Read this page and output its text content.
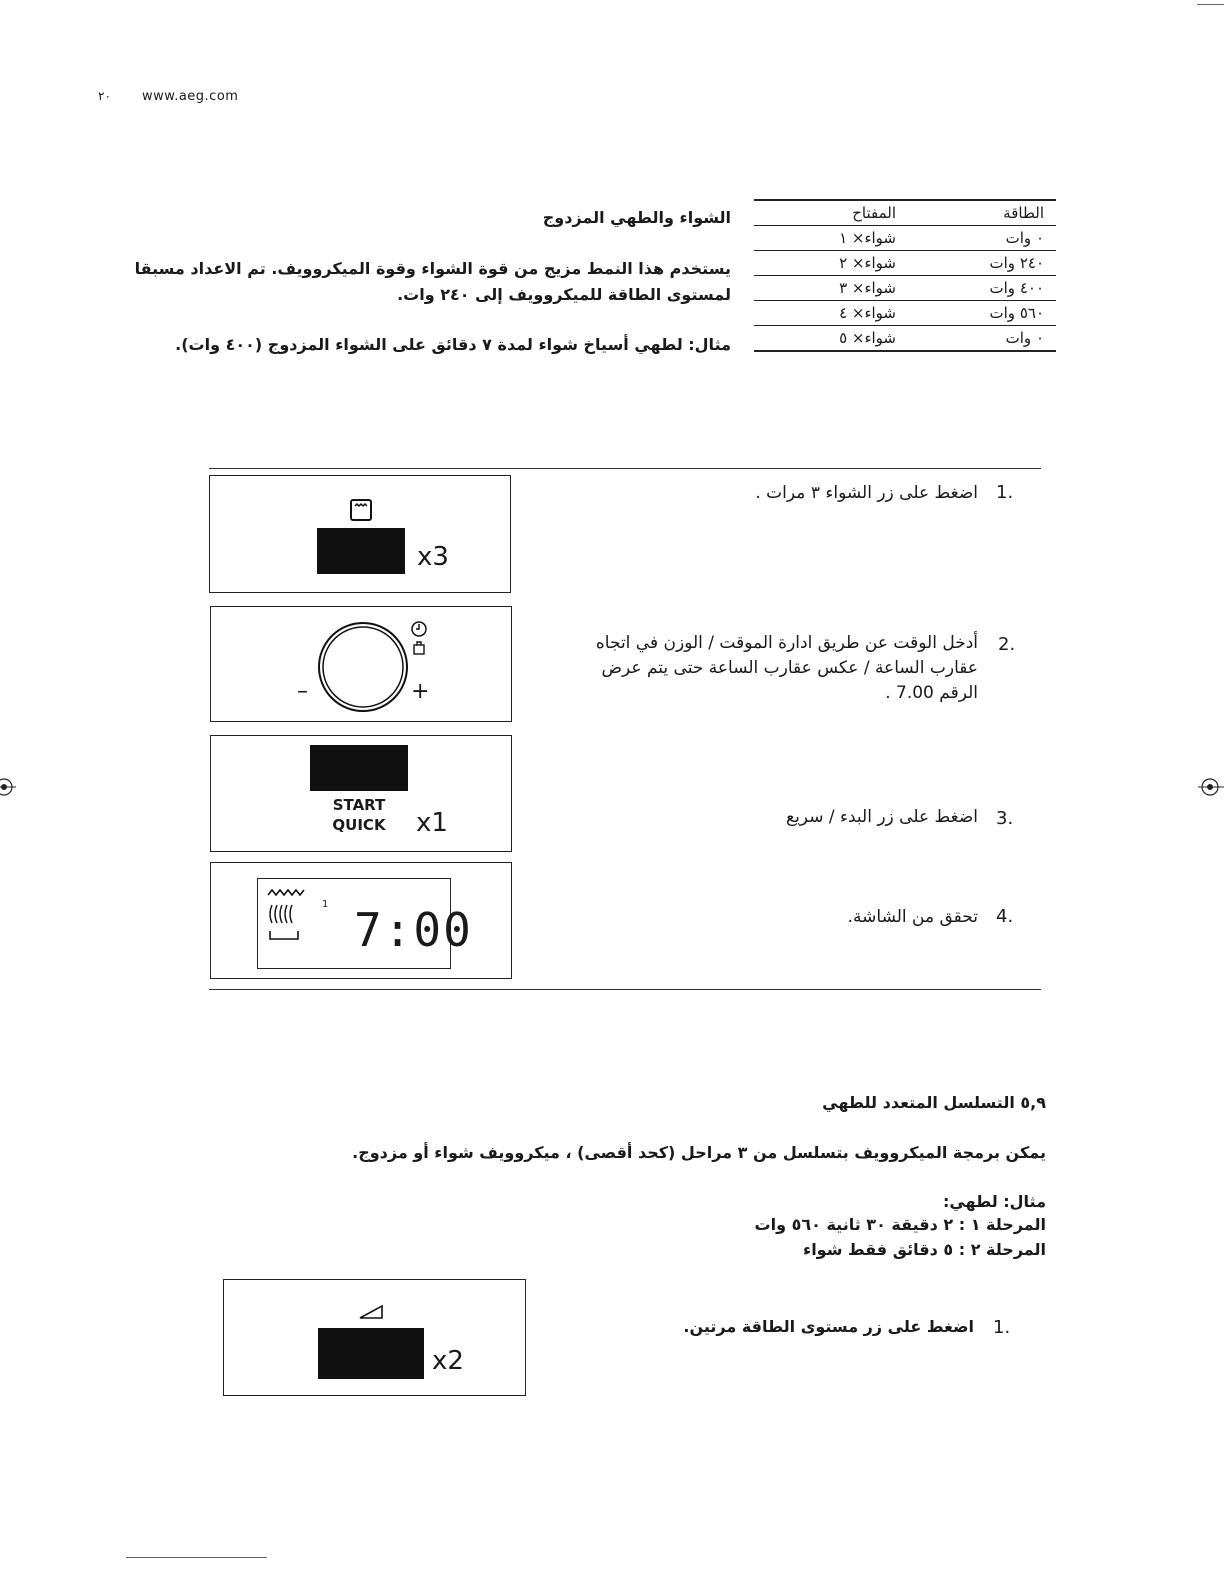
٢٠ www.aeg.com
الشواء والطهي المزدوج
يستخدم هذا النمط مزيج من قوة الشواء وقوة الميكروويف. تم الاعداد مسبقا لمستوى الطاقة للميكروويف إلى ٢٤٠ وات.
مثال: لطهي أسياخ شواء لمدة ٧ دقائق على الشواء المزدوج (٤٠٠ وات).
المفتاح	الطاقة
شواء× ١	٠ وات
شواء× ٢	٢٤٠ وات
شواء× ٣	٤٠٠ وات
شواء× ٤	٥٦٠ وات
شواء× ٥	٠ وات
x3
1.
اضغط على زر الشواء ٣ مرات .
–	+
2.
أدخل الوقت عن طريق ادارة الموقت / الوزن في اتجاه
عقارب الساعة / عكس عقارب الساعة حتى يتم عرض
الرقم 7.00 .
START
QUICK	x1	3.
اضغط على زر البدء / سريع
1 7:00	4.
تحقق من الشاشة.
٥,٩ التسلسل المتعدد للطهي
يمكن برمجة الميكروويف بتسلسل من ٣ مراحل (كحد أقصى) ، ميكروويف شواء أو مزدوج.
مثال: لطهي:
المرحلة ١ : ٢ دقيقة ٣٠ ثانية ٥٦٠ وات
المرحلة ٢ : ٥ دقائق فقط شواء
x2
1.
اضغط على زر مستوى الطاقة مرتين.
